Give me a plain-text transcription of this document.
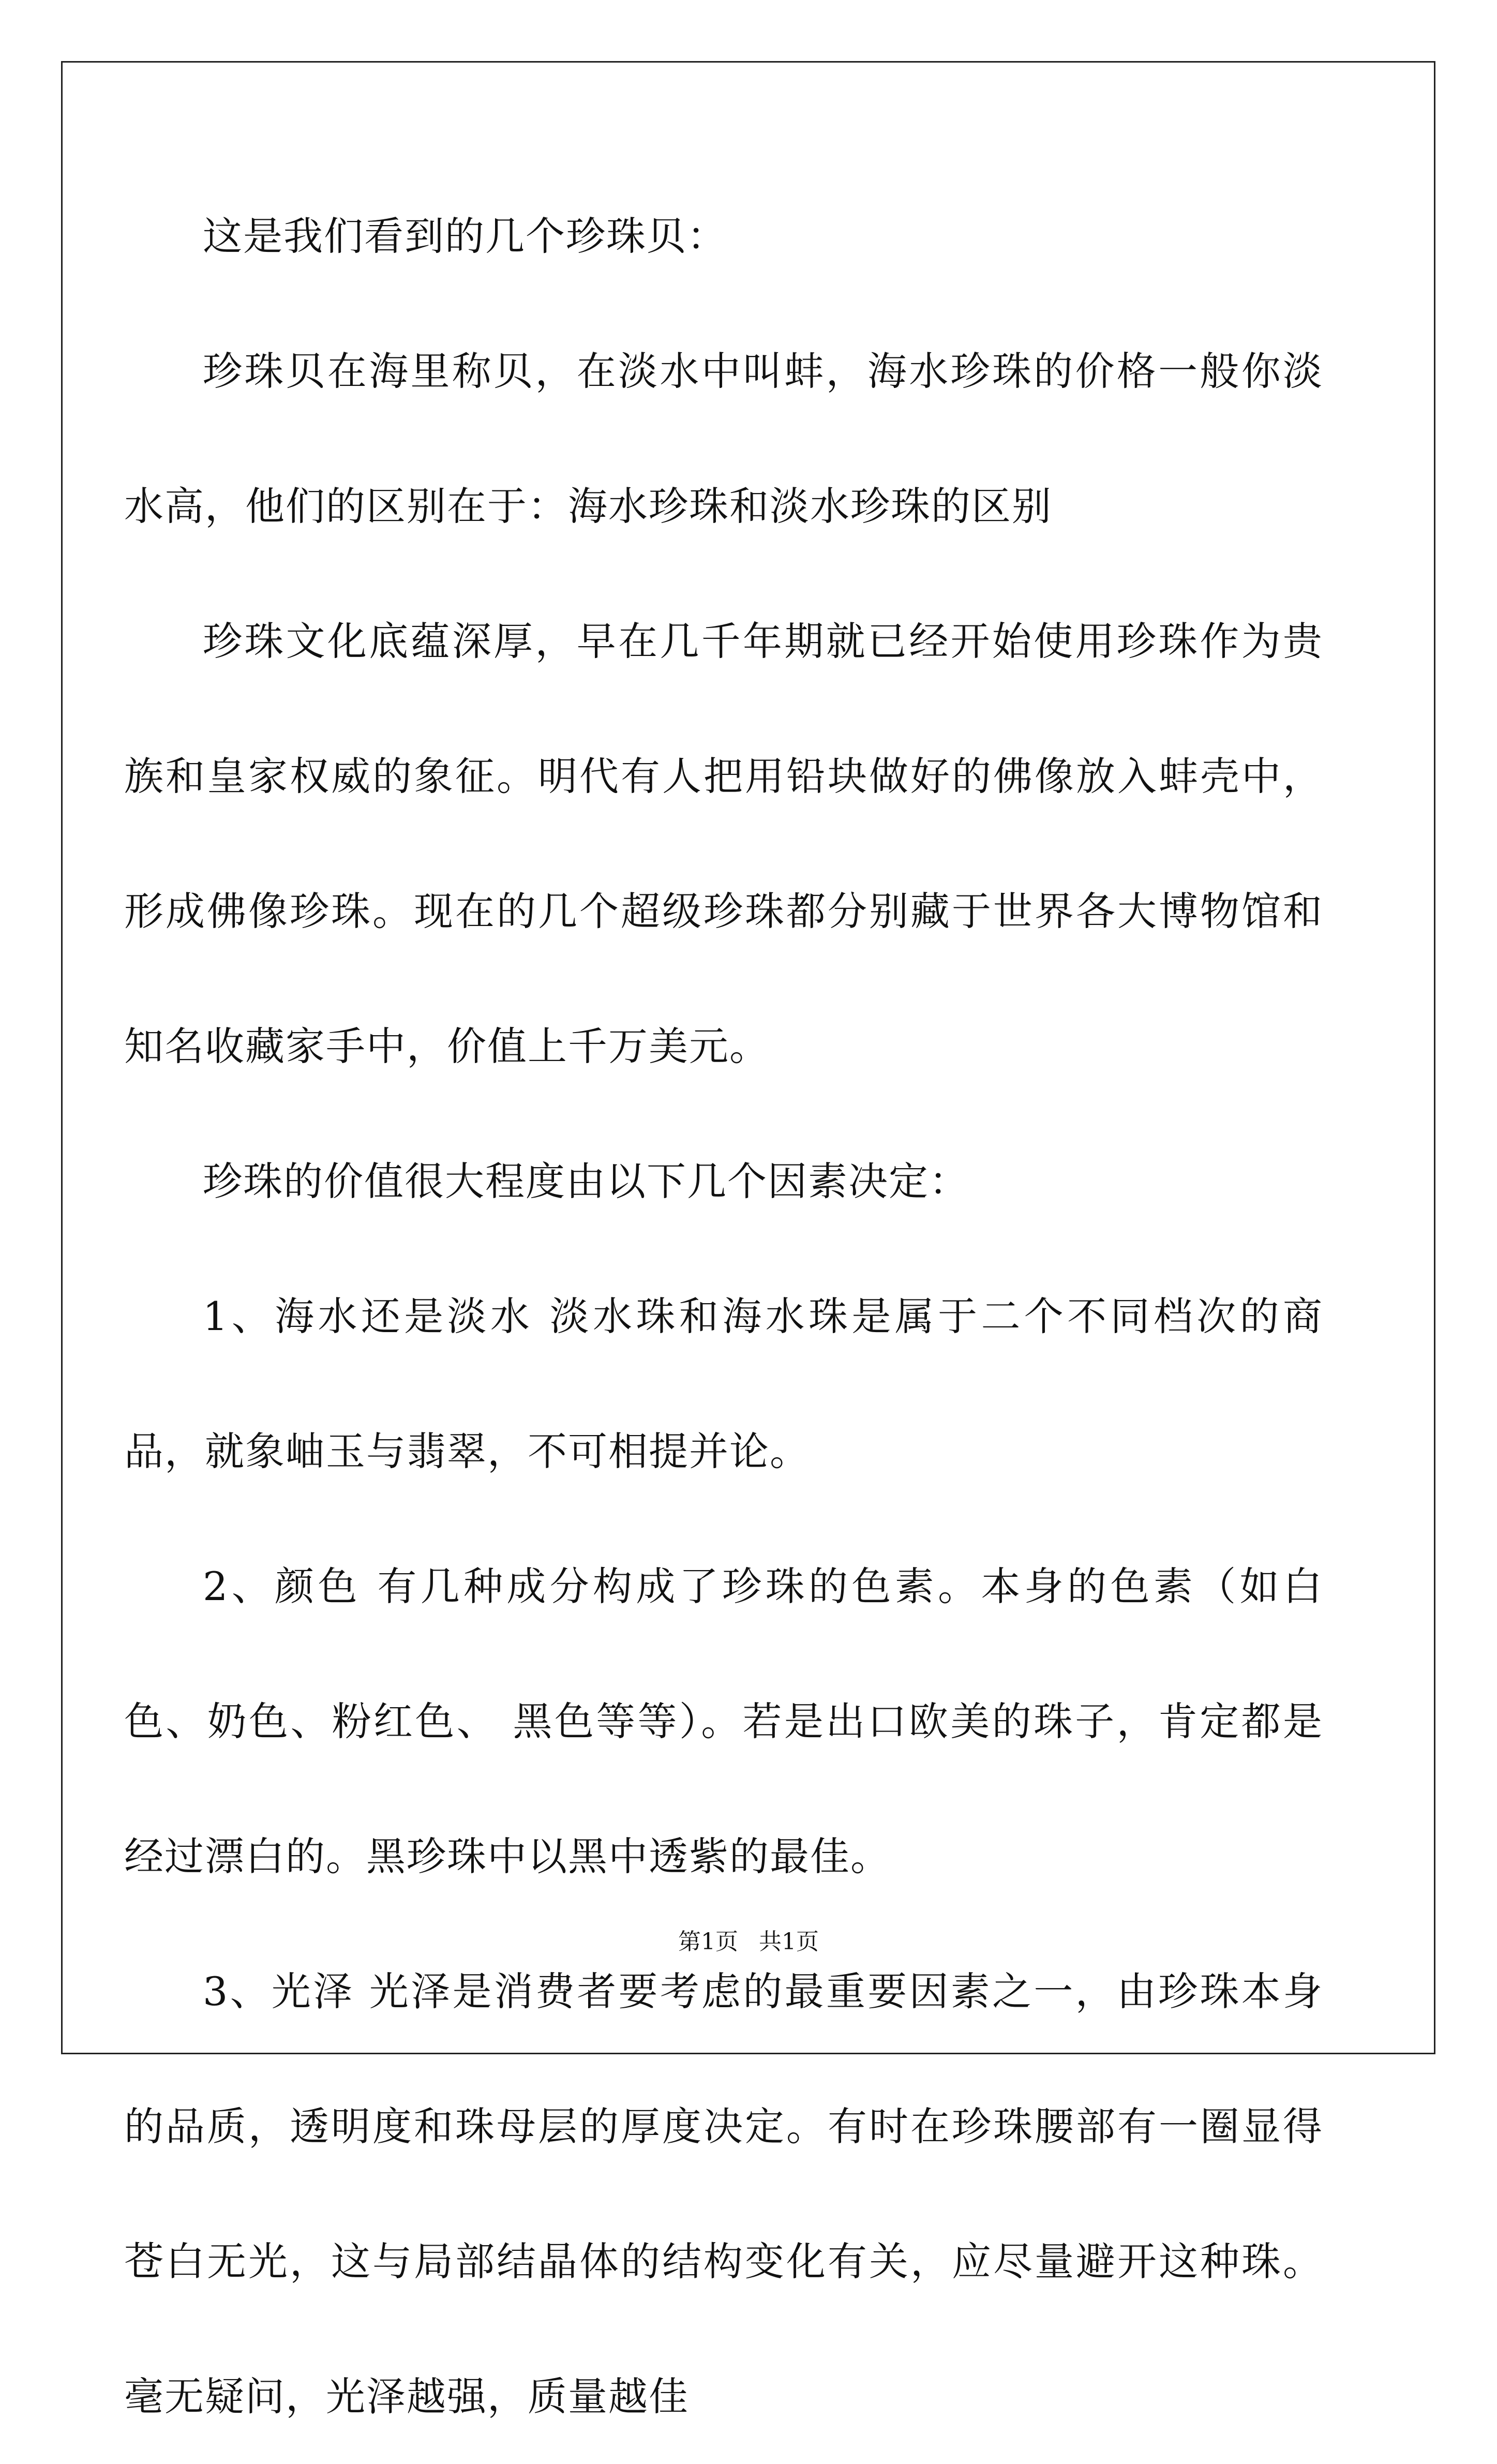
这是我们看到的几个珍珠贝：

珍珠贝在海里称贝，在淡水中叫蚌，海水珍珠的价格一般你淡水高，他们的区别在于：海水珍珠和淡水珍珠的区别

珍珠文化底蕴深厚，早在几千年期就已经开始使用珍珠作为贵族和皇家权威的象征。明代有人把用铅块做好的佛像放入蚌壳中，形成佛像珍珠。现在的几个超级珍珠都分别藏于世界各大博物馆和知名收藏家手中，价值上千万美元。

珍珠的价值很大程度由以下几个因素决定：

1、海水还是淡水 淡水珠和海水珠是属于二个不同档次的商品，就象岫玉与翡翠，不可相提并论。

2、颜色 有几种成分构成了珍珠的色素。本身的色素（如白色、奶色、粉红色、 黑色等等）。若是出口欧美的珠子，肯定都是经过漂白的。黑珍珠中以黑中透紫的最佳。

3、光泽 光泽是消费者要考虑的最重要因素之一，由珍珠本身的品质，透明度和珠母层的厚度决定。有时在珍珠腰部有一圈显得苍白无光，这与局部结晶体的结构变化有关，应尽量避开这种珠。毫无疑问，光泽越强，质量越佳

第1页 共1页
